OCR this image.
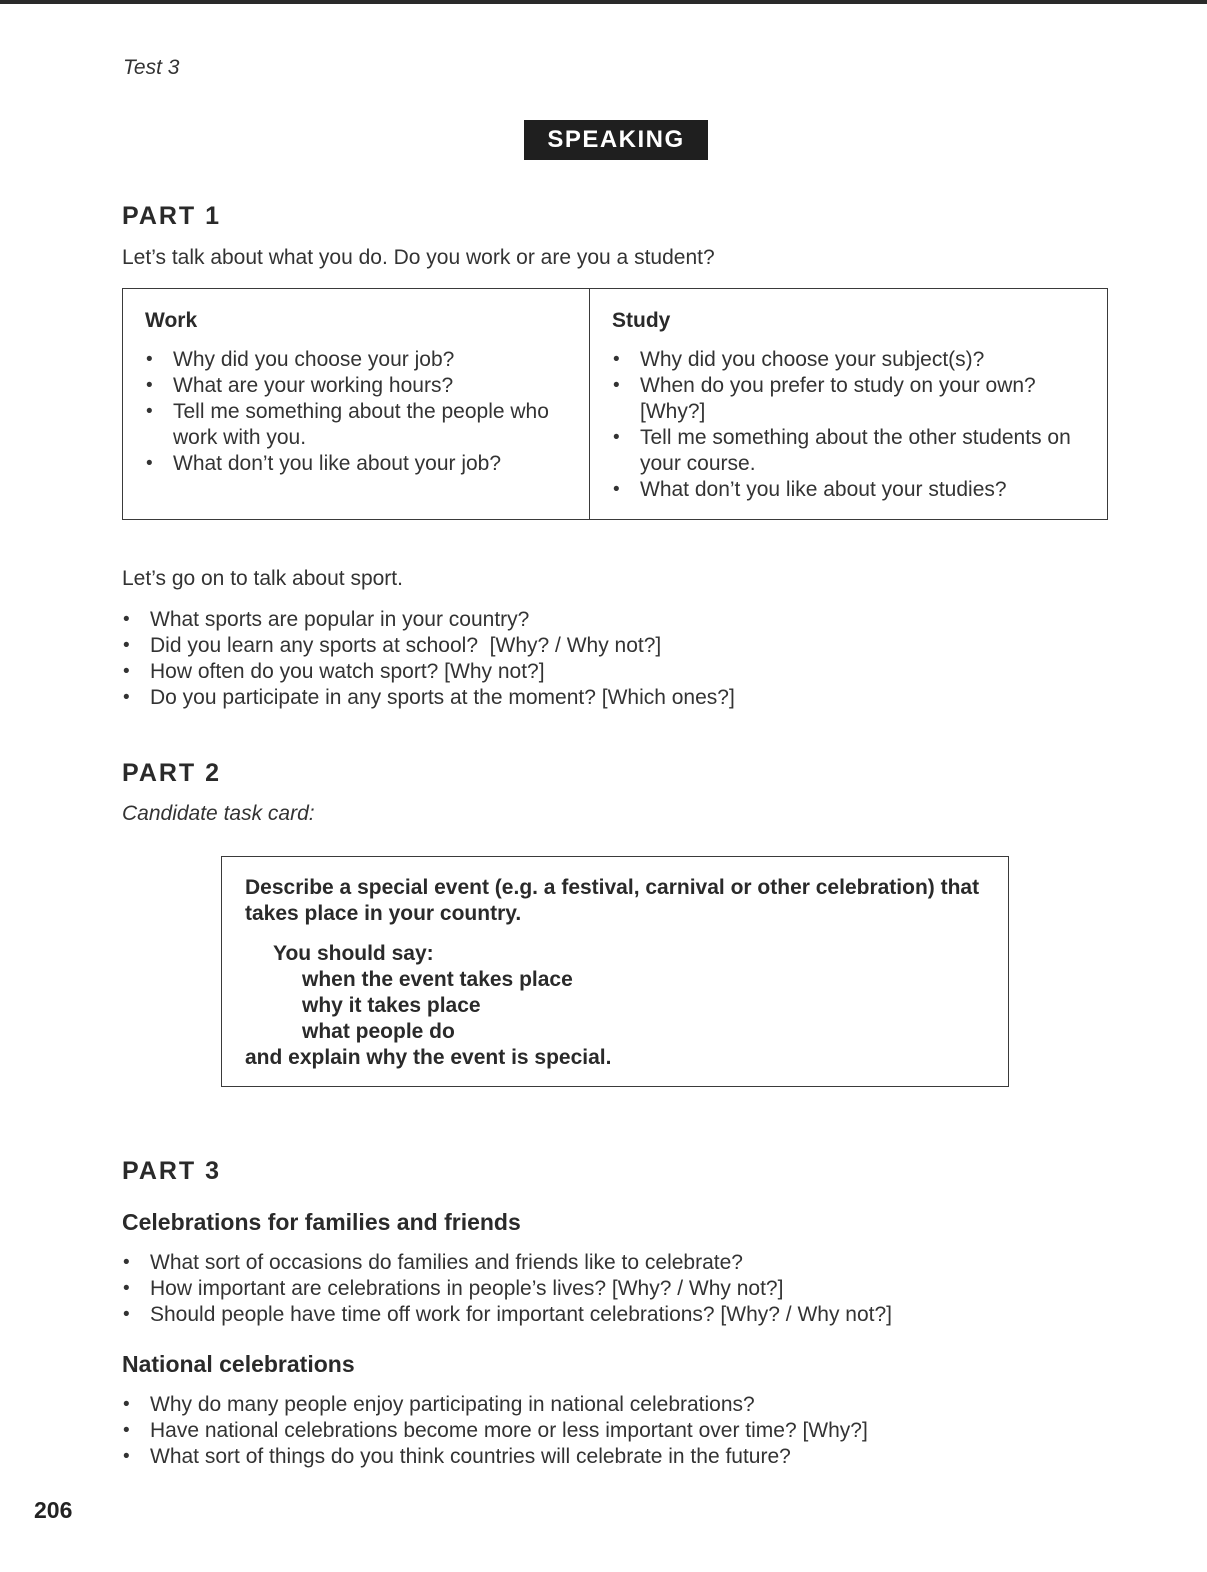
Test 3
SPEAKING
PART 1
Let’s talk about what you do. Do you work or are you a student?
Work
• Why did you choose your job?
• What are your working hours?
• Tell me something about the people who work with you.
• What don’t you like about your job?
Study
• Why did you choose your subject(s)?
• When do you prefer to study on your own? [Why?]
• Tell me something about the other students on your course.
• What don’t you like about your studies?
Let’s go on to talk about sport.
• What sports are popular in your country?
• Did you learn any sports at school?  [Why? / Why not?]
• How often do you watch sport? [Why not?]
• Do you participate in any sports at the moment? [Which ones?]
PART 2
Candidate task card:
Describe a special event (e.g. a festival, carnival or other celebration) that takes place in your country.
You should say:
when the event takes place
why it takes place
what people do
and explain why the event is special.
PART 3
Celebrations for families and friends
• What sort of occasions do families and friends like to celebrate?
• How important are celebrations in people’s lives? [Why? / Why not?]
• Should people have time off work for important celebrations? [Why? / Why not?]
National celebrations
• Why do many people enjoy participating in national celebrations?
• Have national celebrations become more or less important over time? [Why?]
• What sort of things do you think countries will celebrate in the future?
206
